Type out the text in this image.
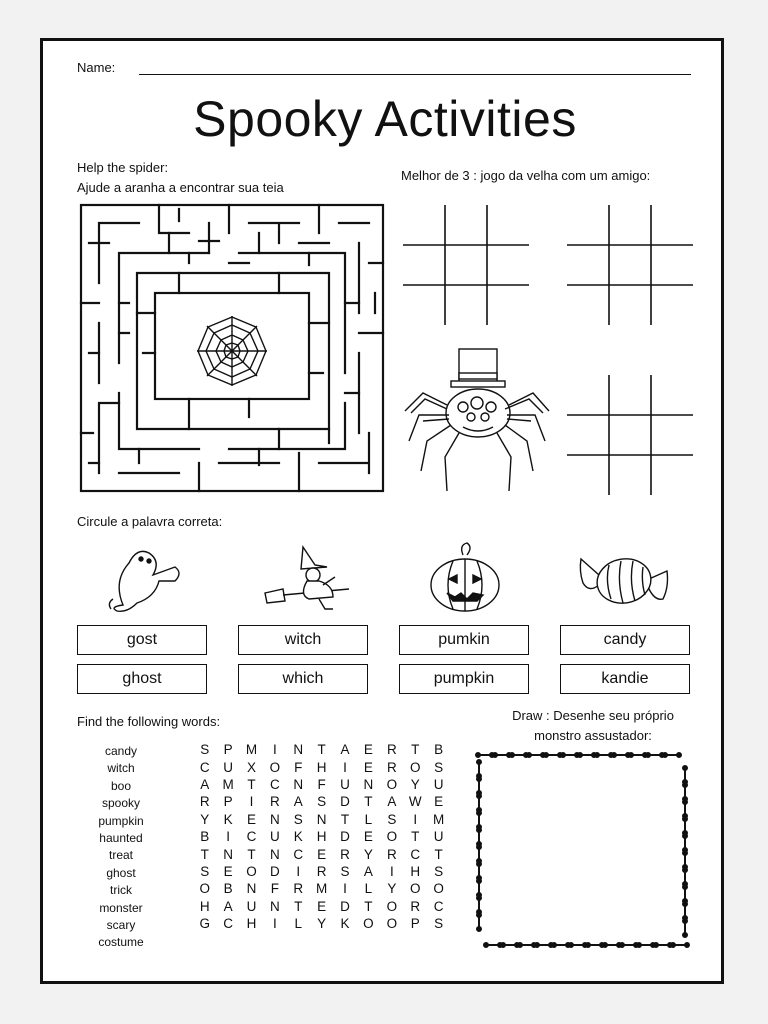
Name:
Spooky Activities
Help the spider:
Ajude a aranha a encontrar sua teia
Melhor de 3 : jogo da velha com um amigo:
Circule a palavra correta:
gost
ghost
witch
which
pumkin
pumpkin
candy
kandie
Find the following words:
candy
witch
boo
spooky
pumpkin
haunted
treat
ghost
trick
monster
scary
costume
S	P	M	I	N	T	A	E	R	T	B
C	U	X	O	F	H	I	E	R	O	S
A	M	T	C	N	F	U	N	O	Y	U
R	P	I	R	A	S	D	T	A	W	E
Y	K	E	N	S	N	T	L	S	I	M
B	I	C	U	K	H	D	E	O	T	U
T	N	T	N	C	E	R	Y	R	C	T
S	E	O	D	I	R	S	A	I	H	S
O	B	N	F	R	M	I	L	Y	O	O
H	A	U	N	T	E	D	T	O	R	C
G	C	H	I	L	Y	K	O	O	P	S
Draw : Desenhe seu próprio
monstro assustador:
